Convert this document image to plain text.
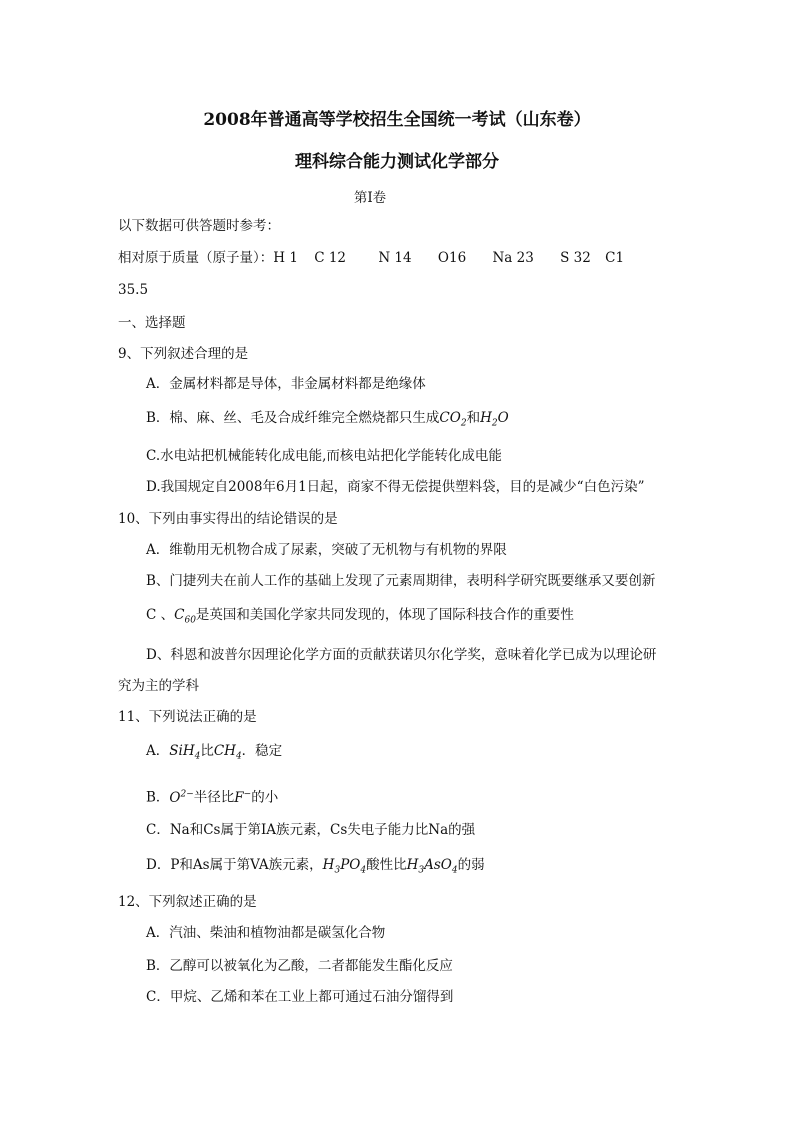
2008年普通高等学校招生全国统一考试（山东卷）
理科综合能力测试化学部分
第Ⅰ卷
以下数据可供答题时参考：
相对原于质量（原子量）：H 1 C 12 N 14 O16 Na 23 S 32 C1
35.5
一、选择题
9、下列叙述合理的是
A．金属材料都是导体，非金属材料都是绝缘体
B．棉、麻、丝、毛及合成纤维完全燃烧都只生成$CO_2$和$H_2O$
C.水电站把机械能转化成电能,而核电站把化学能转化成电能
D.我国规定自2008年6月1日起，商家不得无偿提供塑料袋，目的是减少“白色污染”
10、下列由事实得出的结论错误的是
A．维勒用无机物合成了尿素，突破了无机物与有机物的界限
B、门捷列夫在前人工作的基础上发现了元素周期律，表明科学研究既要继承又要创新
C 、$C_{60}$是英国和美国化学家共同发现的，体现了国际科技合作的重要性
D、科恩和波普尔因理论化学方面的贡献获诺贝尔化学奖，意味着化学已成为以理论研
究为主的学科
11、下列说法正确的是
A．SiH$_4$比$CH_4$．稳定
B．$O^{2-}$半径比F−的小
C．Na和Cs属于第ⅠA族元素，Cs失电子能力比Na的强
D．P和As属于第VA族元素，$H_3PO_4$酸性比$H_3AsO_4$的弱
12、下列叙述正确的是
A．汽油、柴油和植物油都是碳氢化合物
B．乙醇可以被氧化为乙酸，二者都能发生酯化反应
C．甲烷、乙烯和苯在工业上都可通过石油分馏得到
